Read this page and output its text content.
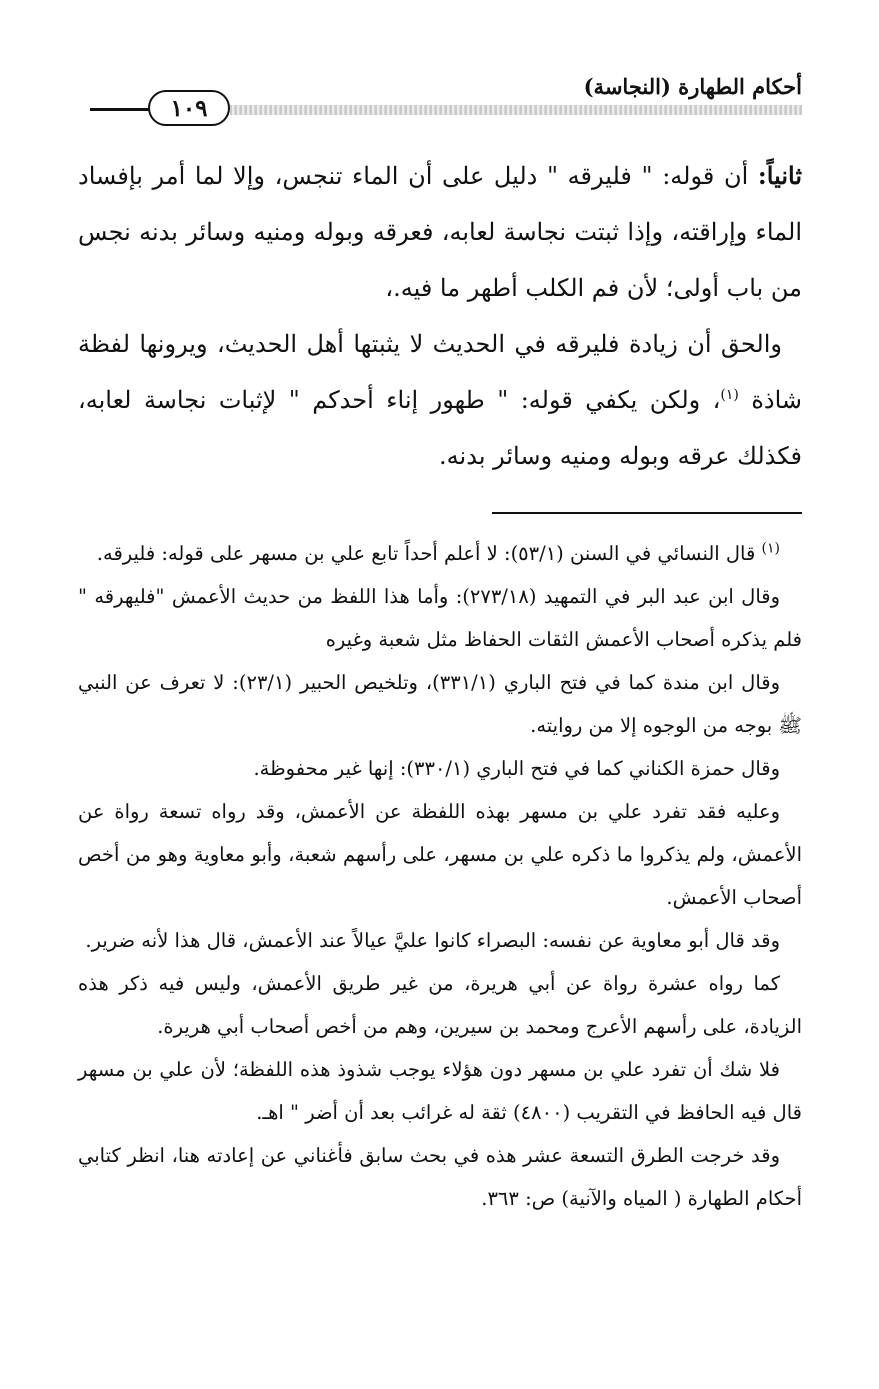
أحكام الطهارة (النجاسة)
١٠٩

ثانياً: أن قوله: " فليرقه " دليل على أن الماء تنجس، وإلا لما أمر بإفساد الماء وإراقته، وإذا ثبتت نجاسة لعابه، فعرقه وبوله ومنيه وسائر بدنه نجس من باب أولى؛ لأن فم الكلب أطهر ما فيه.،

والحق أن زيادة فليرقه في الحديث لا يثبتها أهل الحديث، ويرونها لفظة شاذة $^{(١)}$، ولكن يكفي قوله: " طهور إناء أحدكم " لإثبات نجاسة لعابه، فكذلك عرقه وبوله ومنيه وسائر بدنه.

$^{(١)}$ قال النسائي في السنن (٥٣/١): لا أعلم أحداً تابع علي بن مسهر على قوله: فليرقه.

وقال ابن عبد البر في التمهيد (٢٧٣/١٨): وأما هذا اللفظ من حديث الأعمش "فليهرقه " فلم يذكره أصحاب الأعمش الثقات الحفاظ مثل شعبة وغيره

وقال ابن مندة كما في فتح الباري (٣٣١/١)، وتلخيص الحبير (٢٣/١): لا تعرف عن النبي ﷺ بوجه من الوجوه إلا من روايته.

وقال حمزة الكناني كما في فتح الباري (٣٣٠/١): إنها غير محفوظة.

وعليه فقد تفرد علي بن مسهر بهذه اللفظة عن الأعمش، وقد رواه تسعة رواة عن الأعمش، ولم يذكروا ما ذكره علي بن مسهر، على رأسهم شعبة، وأبو معاوية وهو من أخص أصحاب الأعمش.

وقد قال أبو معاوية عن نفسه: البصراء كانوا عليَّ عيالاً عند الأعمش، قال هذا لأنه ضرير.

كما رواه عشرة رواة عن أبي هريرة، من غير طريق الأعمش، وليس فيه ذكر هذه الزيادة، على رأسهم الأعرج ومحمد بن سيرين، وهم من أخص أصحاب أبي هريرة.

فلا شك أن تفرد علي بن مسهر دون هؤلاء يوجب شذوذ هذه اللفظة؛ لأن علي بن مسهر قال فيه الحافظ في التقريب (٤٨٠٠) ثقة له غرائب بعد أن أضر " اهـ.

وقد خرجت الطرق التسعة عشر هذه في بحث سابق فأغناني عن إعادته هنا، انظر كتابي أحكام الطهارة ( المياه والآنية) ص: ٣٦٣.
